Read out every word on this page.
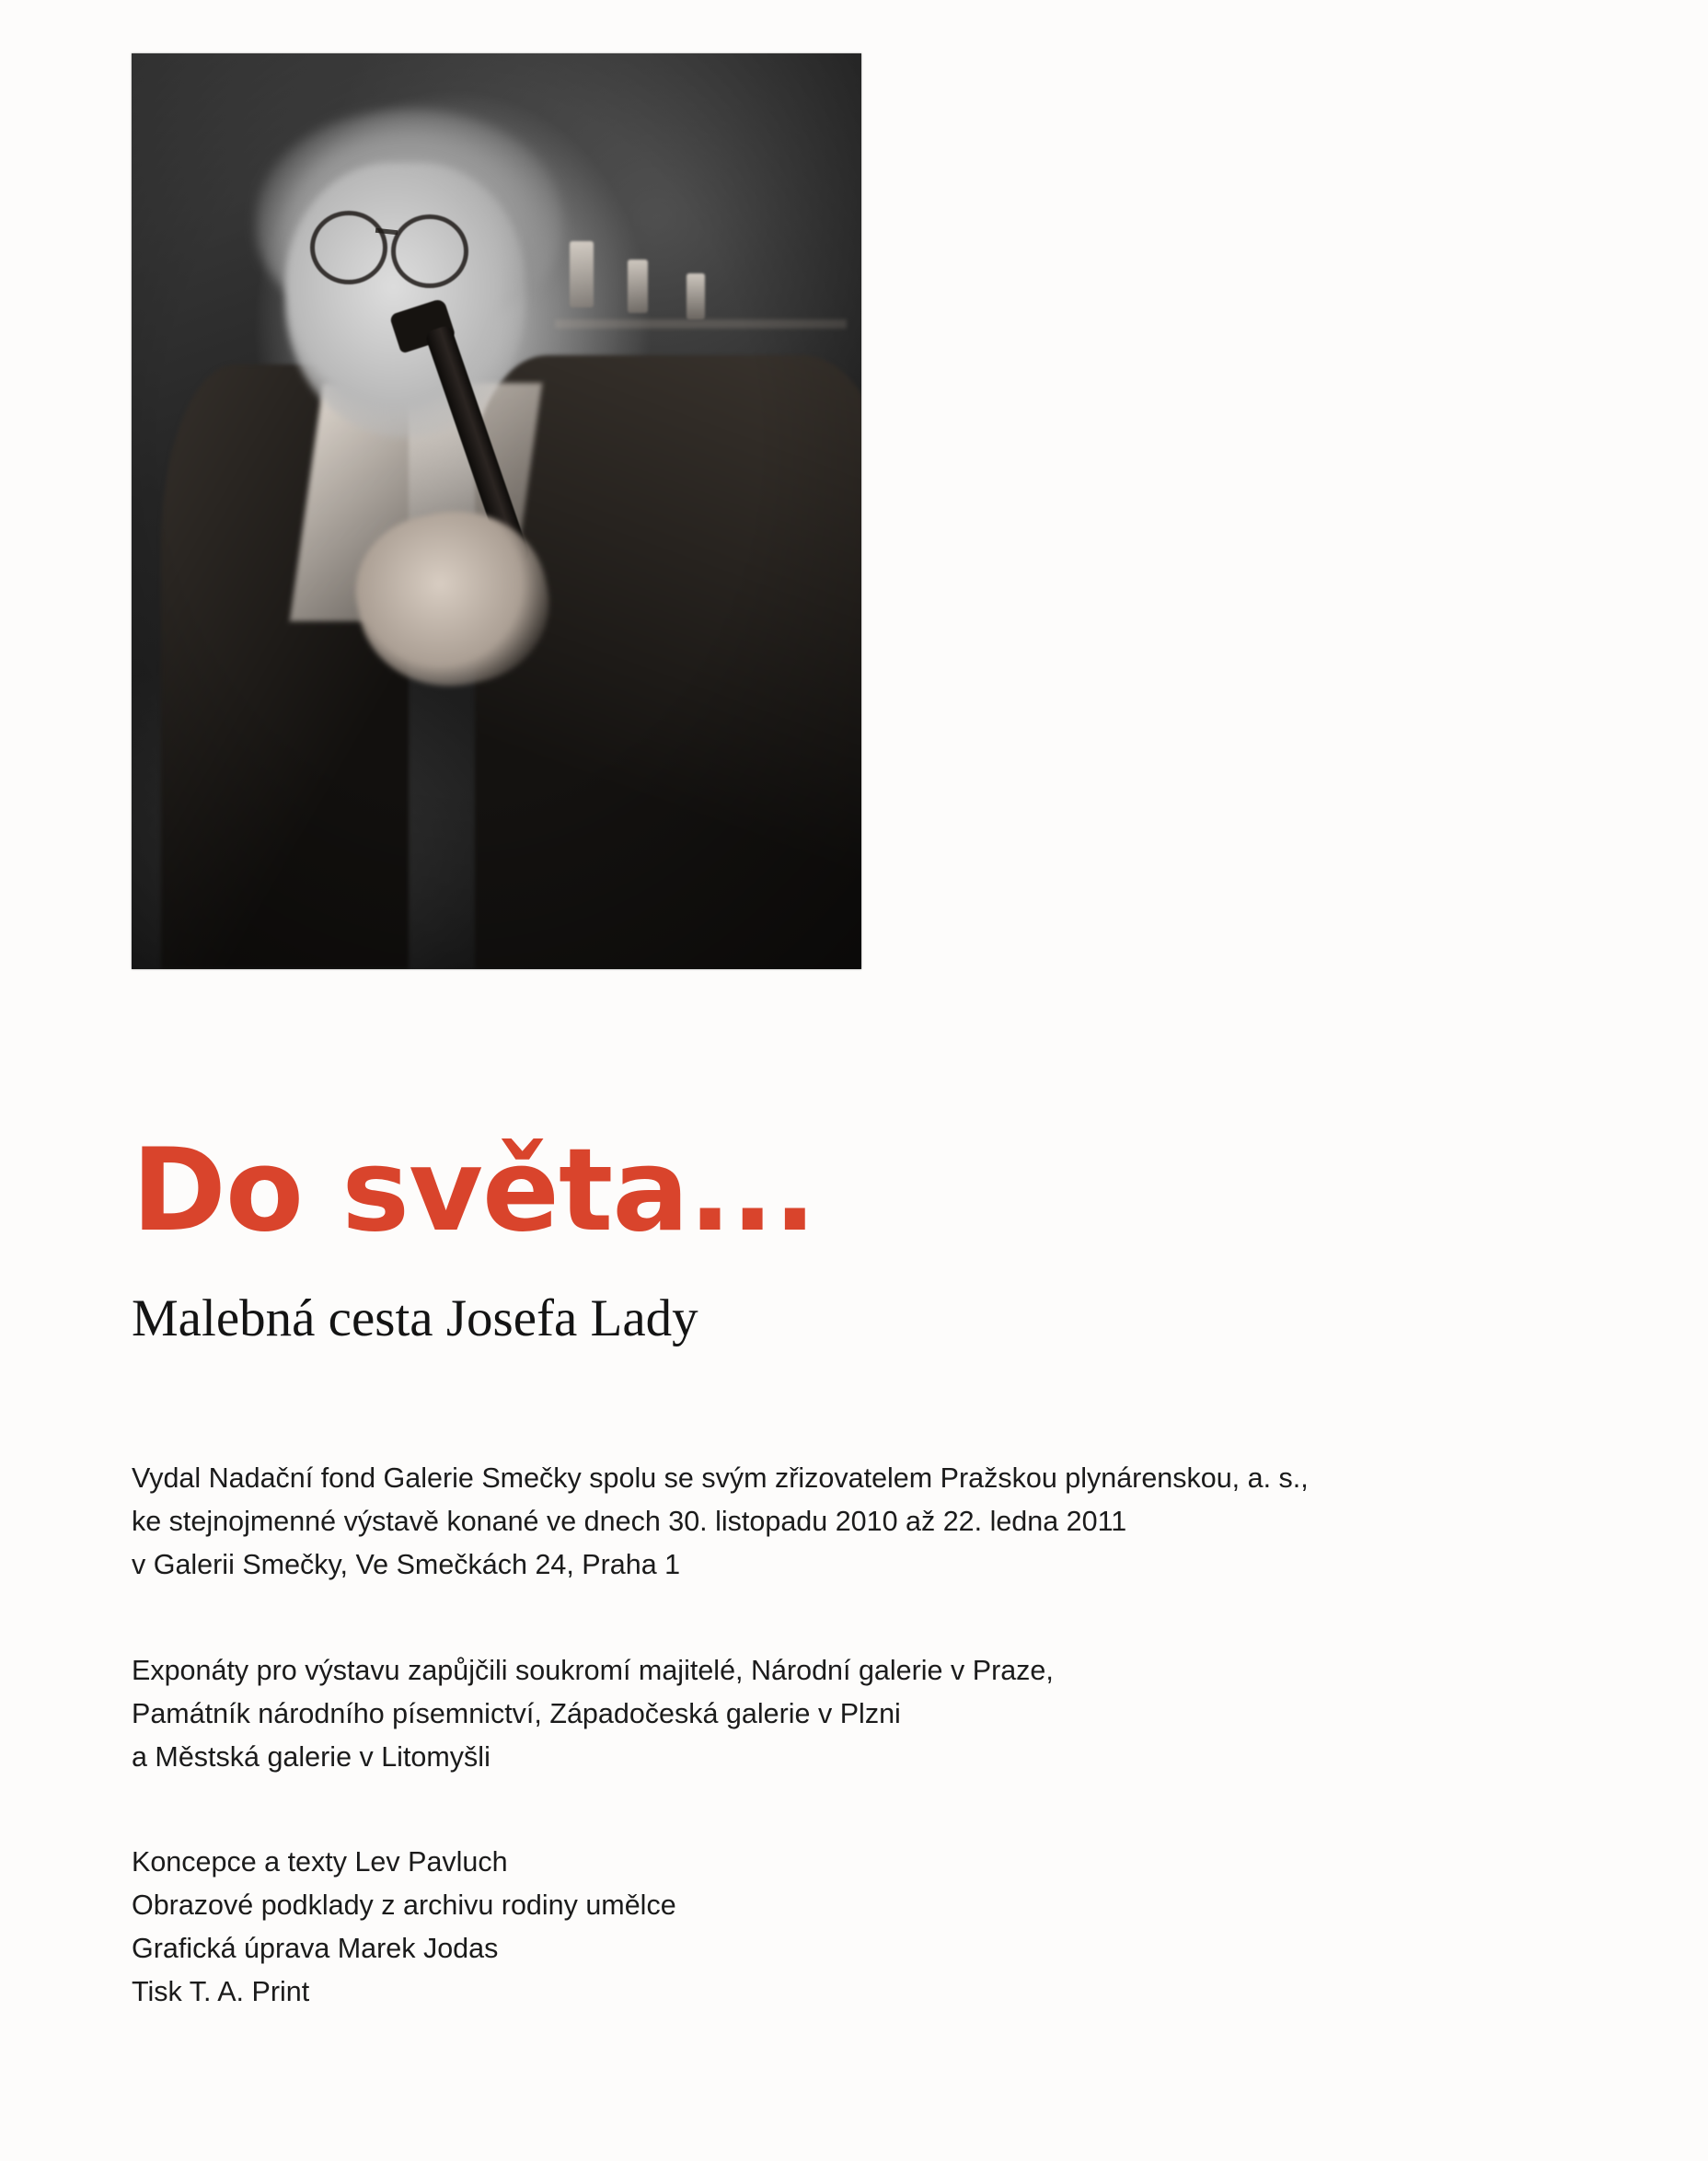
Do světa...
Malebná cesta Josefa Lady
Vydal Nadační fond Galerie Smečky spolu se svým zřizovatelem Pražskou plynárenskou, a. s.,
ke stejnojmenné výstavě konané ve dnech 30. listopadu 2010 až 22. ledna 2011
v Galerii Smečky, Ve Smečkách 24, Praha 1
Exponáty pro výstavu zapůjčili soukromí majitelé, Národní galerie v Praze,
Památník národního písemnictví, Západočeská galerie v Plzni
a Městská galerie v Litomyšli
Koncepce a texty Lev Pavluch
Obrazové podklady z archivu rodiny umělce
Grafická úprava Marek Jodas
Tisk T. A. Print
